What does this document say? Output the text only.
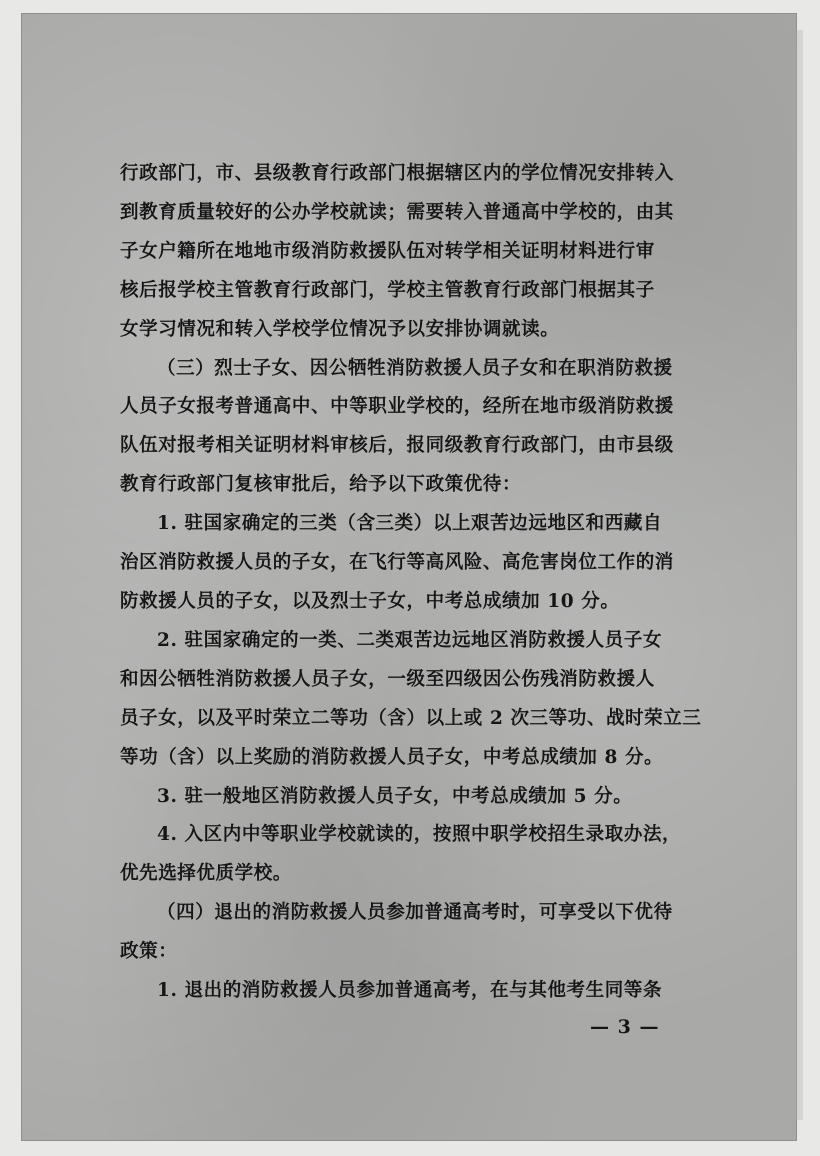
行政部门，市、县级教育行政部门根据辖区内的学位情况安排转入

到教育质量较好的公办学校就读；需要转入普通高中学校的，由其

子女户籍所在地地市级消防救援队伍对转学相关证明材料进行审

核后报学校主管教育行政部门，学校主管教育行政部门根据其子

女学习情况和转入学校学位情况予以安排协调就读。

（三）烈士子女、因公牺牲消防救援人员子女和在职消防救援

人员子女报考普通高中、中等职业学校的，经所在地市级消防救援

队伍对报考相关证明材料审核后，报同级教育行政部门，由市县级

教育行政部门复核审批后，给予以下政策优待：

1. 驻国家确定的三类（含三类）以上艰苦边远地区和西藏自

治区消防救援人员的子女，在飞行等高风险、高危害岗位工作的消

防救援人员的子女，以及烈士子女，中考总成绩加 10 分。

2. 驻国家确定的一类、二类艰苦边远地区消防救援人员子女

和因公牺牲消防救援人员子女，一级至四级因公伤残消防救援人

员子女，以及平时荣立二等功（含）以上或 2 次三等功、战时荣立三

等功（含）以上奖励的消防救援人员子女，中考总成绩加 8 分。

3. 驻一般地区消防救援人员子女，中考总成绩加 5 分。

4. 入区内中等职业学校就读的，按照中职学校招生录取办法，

优先选择优质学校。

（四）退出的消防救援人员参加普通高考时，可享受以下优待

政策：

1. 退出的消防救援人员参加普通高考，在与其他考生同等条

— 3 —
